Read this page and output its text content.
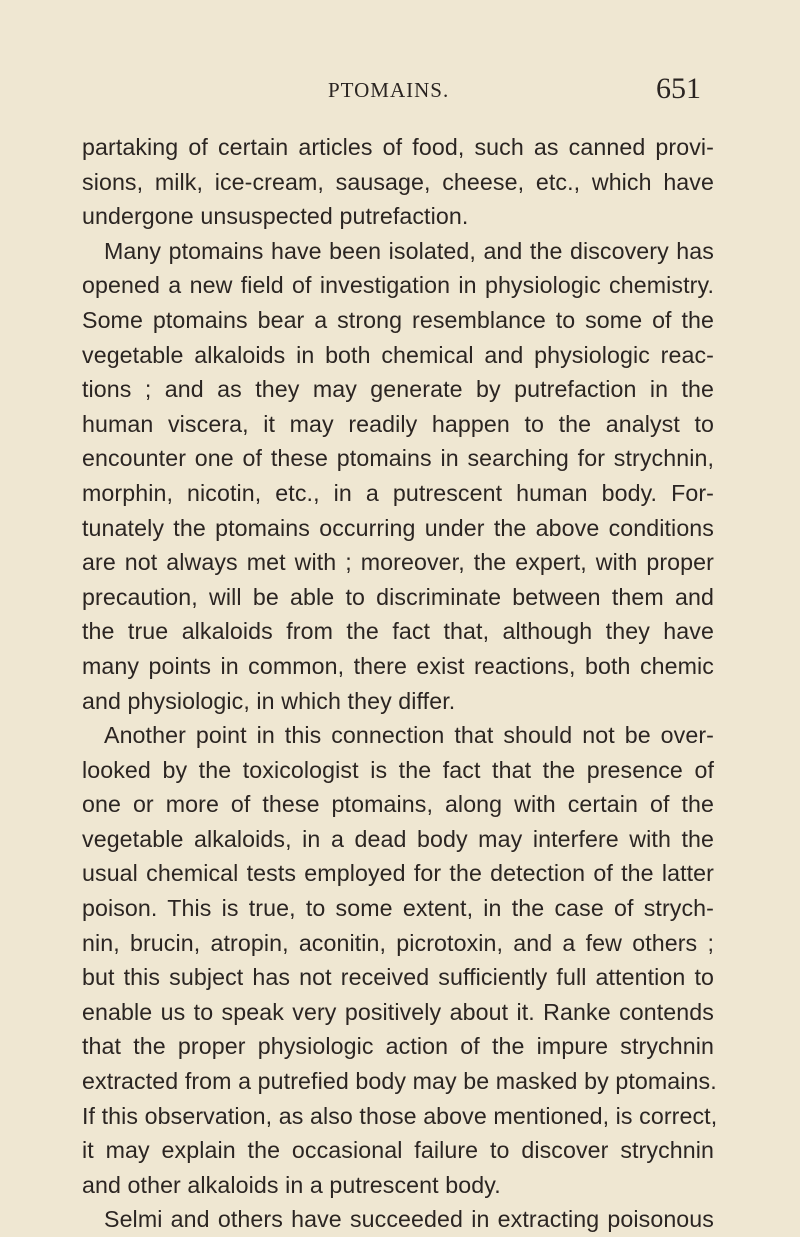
PTOMAINS.	651
partaking of certain articles of food, such as canned provi-
sions, milk, ice-cream, sausage, cheese, etc., which have
undergone unsuspected putrefaction.
Many ptomains have been isolated, and the discovery has
opened a new field of investigation in physiologic chemistry.
Some ptomains bear a strong resemblance to some of the
vegetable alkaloids in both chemical and physiologic reac-
tions ; and as they may generate by putrefaction in the
human viscera, it may readily happen to the analyst to
encounter one of these ptomains in searching for strychnin,
morphin, nicotin, etc., in a putrescent human body. For-
tunately the ptomains occurring under the above conditions
are not always met with ; moreover, the expert, with proper
precaution, will be able to discriminate between them and
the true alkaloids from the fact that, although they have
many points in common, there exist reactions, both chemic
and physiologic, in which they differ.
Another point in this connection that should not be over-
looked by the toxicologist is the fact that the presence of
one or more of these ptomains, along with certain of the
vegetable alkaloids, in a dead body may interfere with the
usual chemical tests employed for the detection of the latter
poison. This is true, to some extent, in the case of strych-
nin, brucin, atropin, aconitin, picrotoxin, and a few others ;
but this subject has not received sufficiently full attention to
enable us to speak very positively about it. Ranke contends
that the proper physiologic action of the impure strychnin
extracted from a putrefied body may be masked by ptomains.
If this observation, as also those above mentioned, is correct,
it may explain the occasional failure to discover strychnin
and other alkaloids in a putrescent body.
Selmi and others have succeeded in extracting poisonous
